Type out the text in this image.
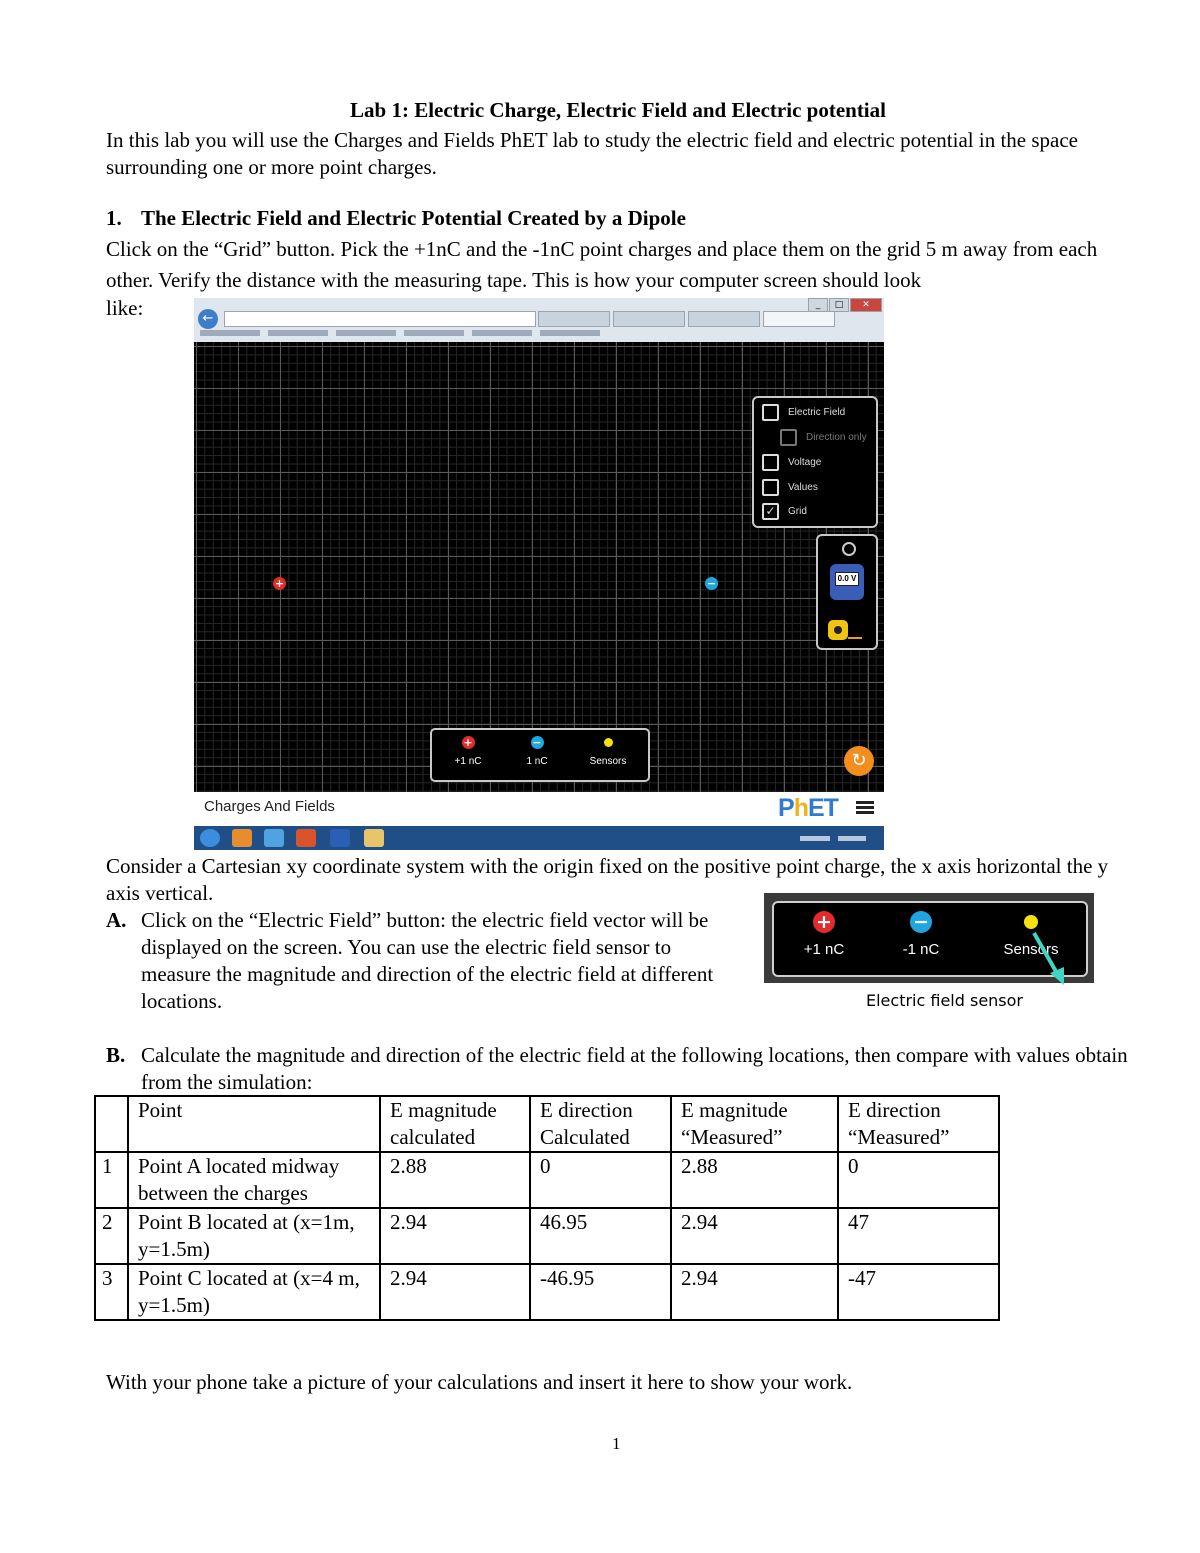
Lab 1: Electric Charge, Electric Field and Electric potential

In this lab you will use the Charges and Fields PhET lab to study the electric field and electric potential in the space surrounding one or more point charges.

1. The Electric Field and Electric Potential Created by a Dipole

Click on the “Grid” button. Pick the +1nC and the -1nC point charges and place them on the grid 5 m away from each other. Verify the distance with the measuring tape. This is how your computer screen should look

like:	←
_	□	✕
Electric Field
Direction only
Voltage
Values
✓	Grid
+	−	0.0 V
+
+1 nC
−
1 nC	Sensors	↻
Charges And Fields	PhET

Consider a Cartesian xy coordinate system with the origin fixed on the positive point charge, the x axis horizontal the y axis vertical.

A. Click on the “Electric Field” button: the electric field vector will be displayed on the screen. You can use the electric field sensor to measure the magnitude and direction of the electric field at different locations.
+
+1 nC
−
-1 nC	Sensors
Electric field sensor
B. Calculate the magnitude and direction of the electric field at the following locations, then compare with values obtain from the simulation:
	Point	E magnitude calculated	E direction Calculated	E magnitude “Measured”	E direction “Measured”
1	Point A located midway between the charges	2.88	0	2.88	0
2	Point B located at (x=1m, y=1.5m)	2.94	46.95	2.94	47
3	Point C located at (x=4 m, y=1.5m)	2.94	-46.95	2.94	-47

With your phone take a picture of your calculations and insert it here to show your work.

1
